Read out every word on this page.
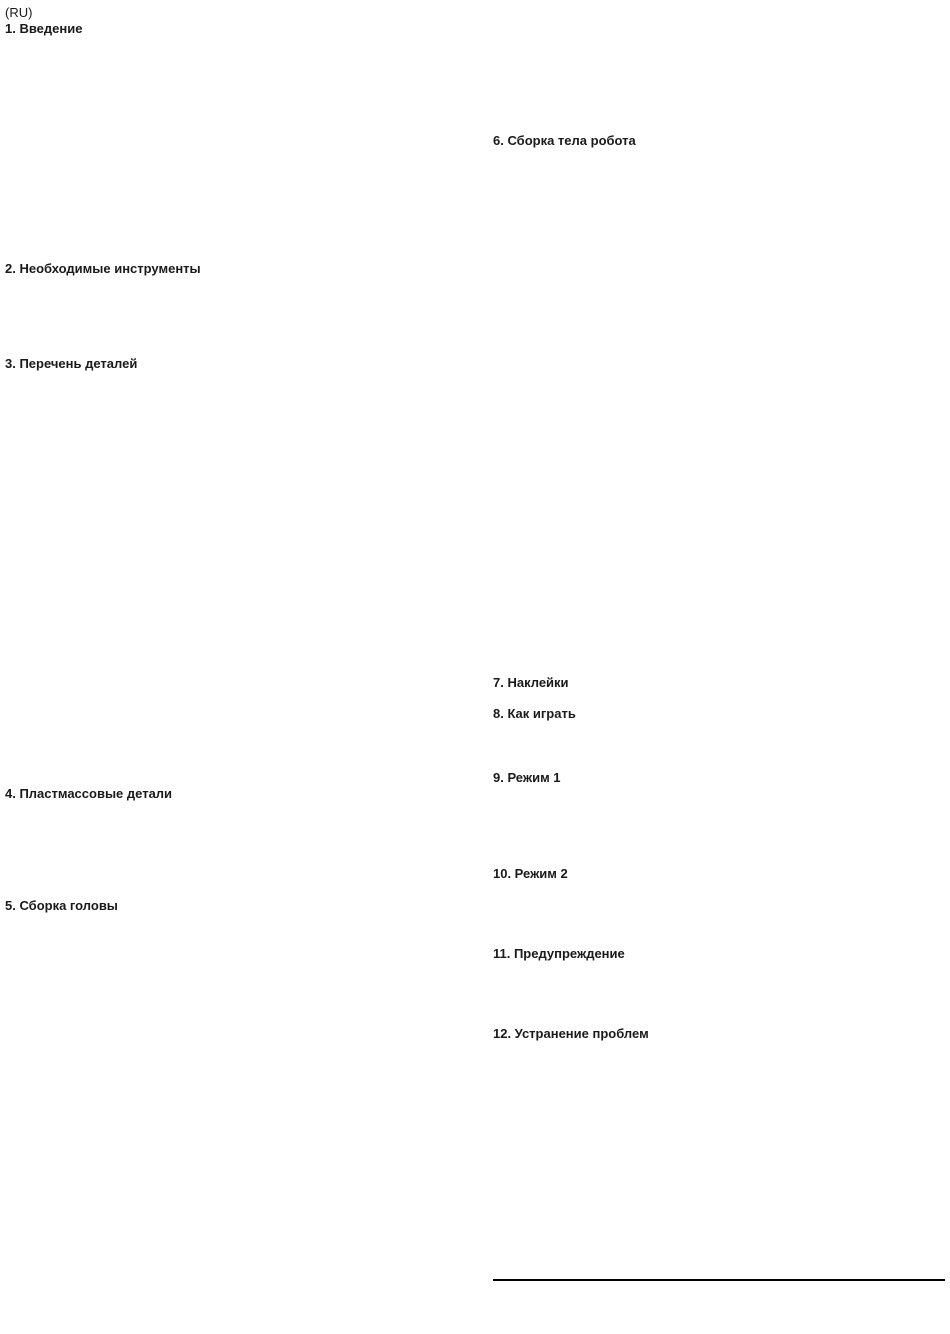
(RU)
1. Введение
2. Необходимые инструменты
3. Перечень деталей
4. Пластмассовые детали
5. Сборка головы
6. Сборка тела робота
7. Наклейки
8. Как играть
9. Режим 1
10. Режим 2
11. Предупреждение
12. Устранение проблем
